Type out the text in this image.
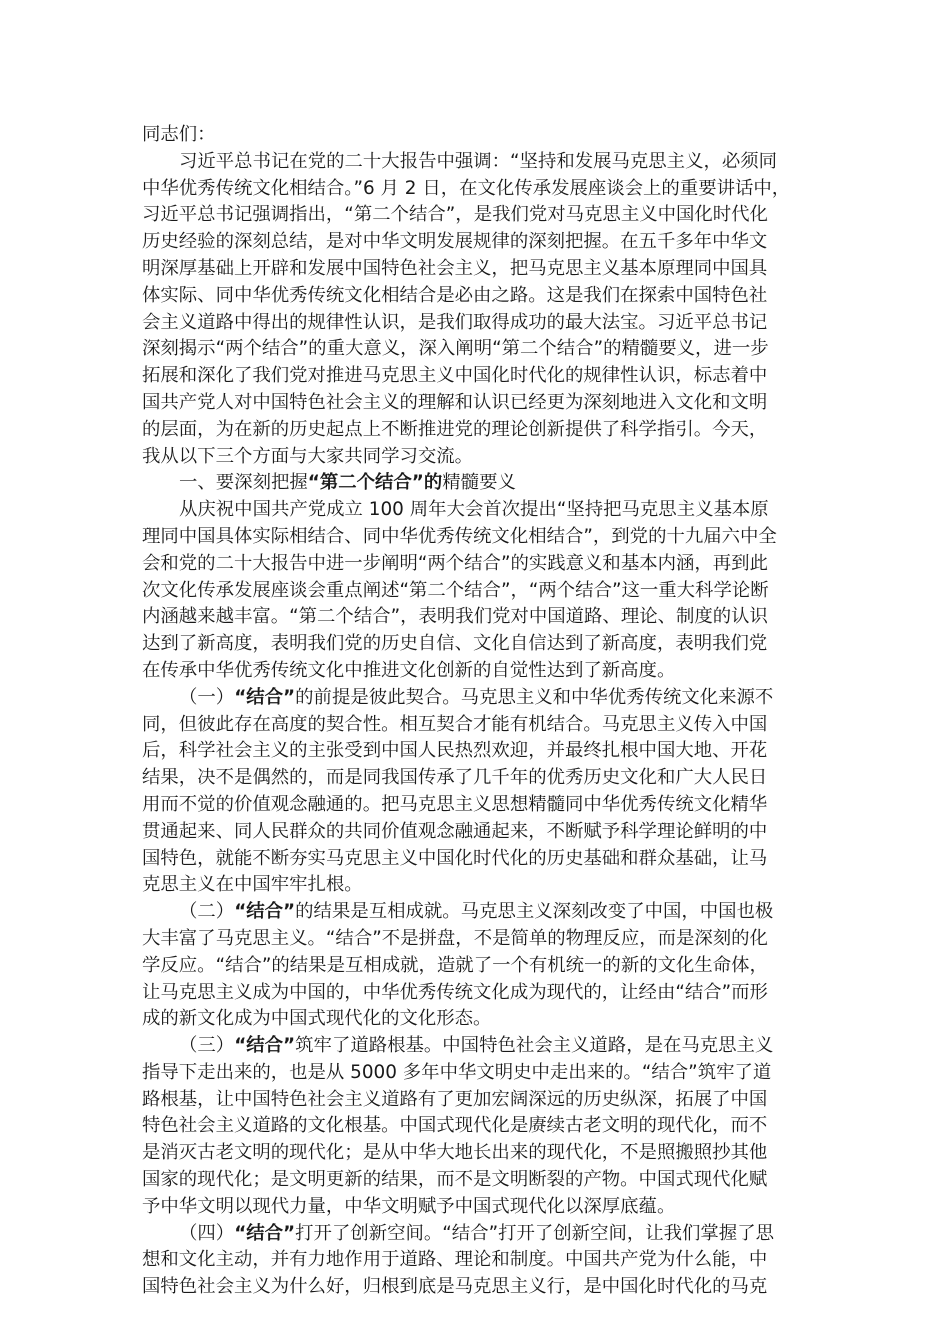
同志们：
习近平总书记在党的二十大报告中强调：“坚持和发展马克思主义，必须同
中华优秀传统文化相结合。”6 月 2 日，在文化传承发展座谈会上的重要讲话中，
习近平总书记强调指出，“第二个结合”，是我们党对马克思主义中国化时代化
历史经验的深刻总结，是对中华文明发展规律的深刻把握。在五千多年中华文
明深厚基础上开辟和发展中国特色社会主义，把马克思主义基本原理同中国具
体实际、同中华优秀传统文化相结合是必由之路。这是我们在探索中国特色社
会主义道路中得出的规律性认识，是我们取得成功的最大法宝。习近平总书记
深刻揭示“两个结合”的重大意义，深入阐明“第二个结合”的精髓要义，进一步
拓展和深化了我们党对推进马克思主义中国化时代化的规律性认识，标志着中
国共产党人对中国特色社会主义的理解和认识已经更为深刻地进入文化和文明
的层面，为在新的历史起点上不断推进党的理论创新提供了科学指引。今天，
我从以下三个方面与大家共同学习交流。
一、要深刻把握“第二个结合”的精髓要义
从庆祝中国共产党成立 100 周年大会首次提出“坚持把马克思主义基本原
理同中国具体实际相结合、同中华优秀传统文化相结合”，到党的十九届六中全
会和党的二十大报告中进一步阐明“两个结合”的实践意义和基本内涵，再到此
次文化传承发展座谈会重点阐述“第二个结合”，“两个结合”这一重大科学论断
内涵越来越丰富。“第二个结合”，表明我们党对中国道路、理论、制度的认识
达到了新高度，表明我们党的历史自信、文化自信达到了新高度，表明我们党
在传承中华优秀传统文化中推进文化创新的自觉性达到了新高度。
（一）“结合”的前提是彼此契合。马克思主义和中华优秀传统文化来源不
同，但彼此存在高度的契合性。相互契合才能有机结合。马克思主义传入中国
后，科学社会主义的主张受到中国人民热烈欢迎，并最终扎根中国大地、开花
结果，决不是偶然的，而是同我国传承了几千年的优秀历史文化和广大人民日
用而不觉的价值观念融通的。把马克思主义思想精髓同中华优秀传统文化精华
贯通起来、同人民群众的共同价值观念融通起来，不断赋予科学理论鲜明的中
国特色，就能不断夯实马克思主义中国化时代化的历史基础和群众基础，让马
克思主义在中国牢牢扎根。
（二）“结合”的结果是互相成就。马克思主义深刻改变了中国，中国也极
大丰富了马克思主义。“结合”不是拼盘，不是简单的物理反应，而是深刻的化
学反应。“结合”的结果是互相成就，造就了一个有机统一的新的文化生命体，
让马克思主义成为中国的，中华优秀传统文化成为现代的，让经由“结合”而形
成的新文化成为中国式现代化的文化形态。
（三）“结合”筑牢了道路根基。中国特色社会主义道路，是在马克思主义
指导下走出来的，也是从 5000 多年中华文明史中走出来的。“结合”筑牢了道
路根基，让中国特色社会主义道路有了更加宏阔深远的历史纵深，拓展了中国
特色社会主义道路的文化根基。中国式现代化是赓续古老文明的现代化，而不
是消灭古老文明的现代化；是从中华大地长出来的现代化，不是照搬照抄其他
国家的现代化；是文明更新的结果，而不是文明断裂的产物。中国式现代化赋
予中华文明以现代力量，中华文明赋予中国式现代化以深厚底蕴。
（四）“结合”打开了创新空间。“结合”打开了创新空间，让我们掌握了思
想和文化主动，并有力地作用于道路、理论和制度。中国共产党为什么能，中
国特色社会主义为什么好，归根到底是马克思主义行，是中国化时代化的马克
